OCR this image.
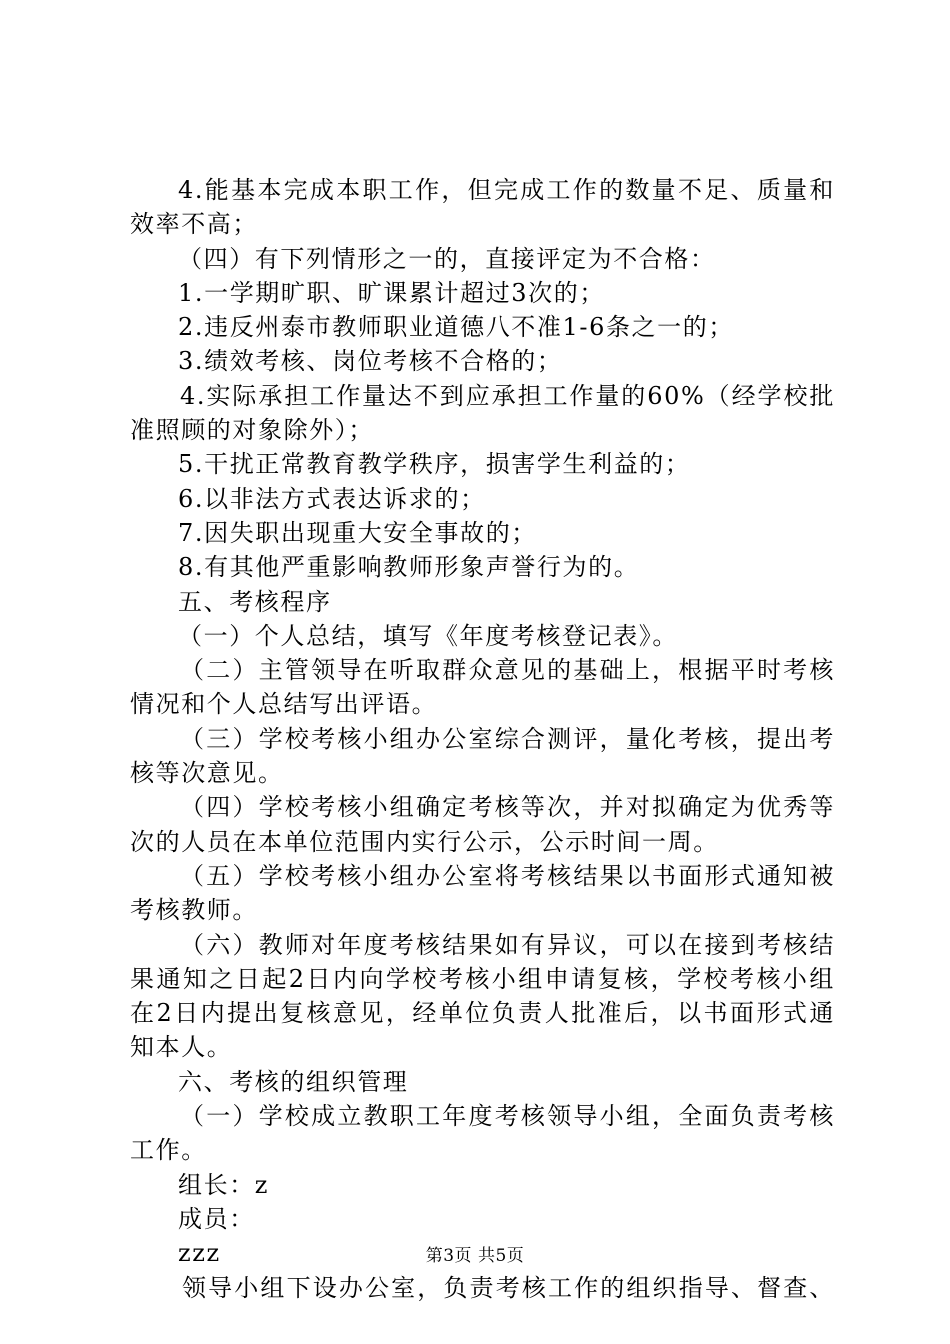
4.能基本完成本职工作，但完成工作的数量不足、质量和
效率不高；
（四）有下列情形之一的，直接评定为不合格：
1.一学期旷职、旷课累计超过3次的；
2.违反州泰市教师职业道德八不准1-6条之一的；
3.绩效考核、岗位考核不合格的；
4.实际承担工作量达不到应承担工作量的60%（经学校批
准照顾的对象除外）；
5.干扰正常教育教学秩序，损害学生利益的；
6.以非法方式表达诉求的；
7.因失职出现重大安全事故的；
8.有其他严重影响教师形象声誉行为的。
五、考核程序
（一）个人总结，填写《年度考核登记表》。
（二）主管领导在听取群众意见的基础上，根据平时考核
情况和个人总结写出评语。
（三）学校考核小组办公室综合测评，量化考核，提出考
核等次意见。
（四）学校考核小组确定考核等次，并对拟确定为优秀等
次的人员在本单位范围内实行公示，公示时间一周。
（五）学校考核小组办公室将考核结果以书面形式通知被
考核教师。
（六）教师对年度考核结果如有异议，可以在接到考核结
果通知之日起2日内向学校考核小组申请复核，学校考核小组
在2日内提出复核意见，经单位负责人批准后，以书面形式通
知本人。
六、考核的组织管理
（一）学校成立教职工年度考核领导小组，全面负责考核
工作。
组长：z
成员：
zzz
领导小组下设办公室，负责考核工作的组织指导、督查、
第3页 共5页
